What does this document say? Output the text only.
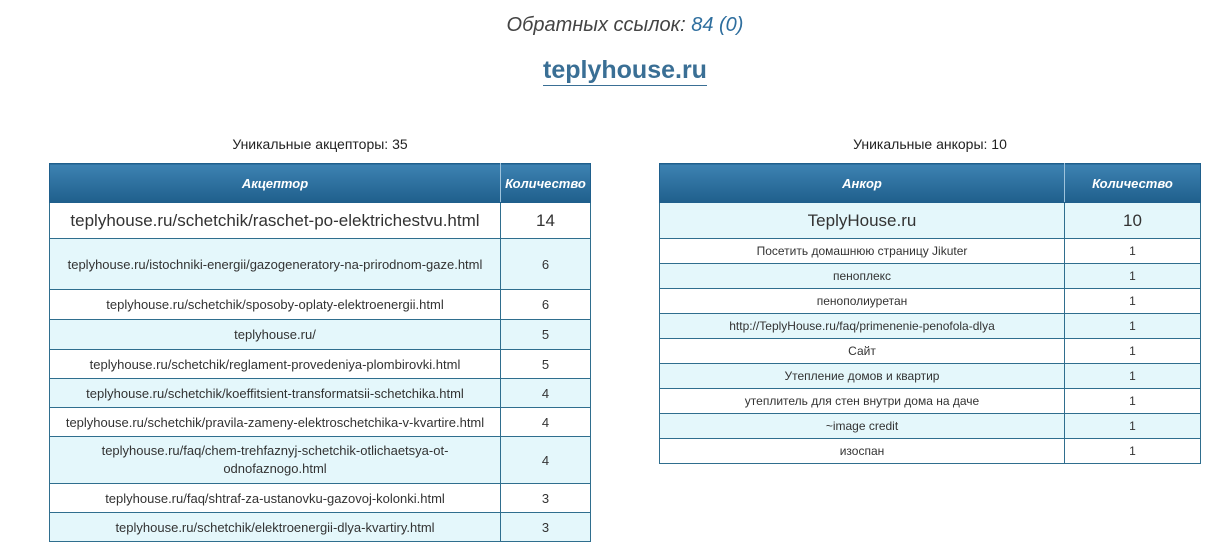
Обратных ссылок: 84 (0)
teplyhouse.ru
Уникальные акцепторы: 35
Акцептор	Количество
teplyhouse.ru/schetchik/raschet-po-elektrichestvu.html	14
teplyhouse.ru/istochniki-energii/gazogeneratory-na-prirodnom-gaze.html	6
teplyhouse.ru/schetchik/sposoby-oplaty-elektroenergii.html	6
teplyhouse.ru/	5
teplyhouse.ru/schetchik/reglament-provedeniya-plombirovki.html	5
teplyhouse.ru/schetchik/koeffitsient-transformatsii-schetchika.html	4
teplyhouse.ru/schetchik/pravila-zameny-elektroschetchika-v-kvartire.html	4
teplyhouse.ru/faq/chem-trehfaznyj-schetchik-otlichaetsya-ot-odnofaznogo.html	4
teplyhouse.ru/faq/shtraf-za-ustanovku-gazovoj-kolonki.html	3
teplyhouse.ru/schetchik/elektroenergii-dlya-kvartiry.html	3
Уникальные анкоры: 10
Анкор	Количество
TeplyHouse.ru	10
Посетить домашнюю страницу Jikuter	1
пеноплекс	1
пенополиуретан	1
http://TeplyHouse.ru/faq/primenenie-penofola-dlya	1
Сайт	1
Утепление домов и квартир	1
утеплитель для стен внутри дома на даче	1
~image credit	1
изоспан	1
